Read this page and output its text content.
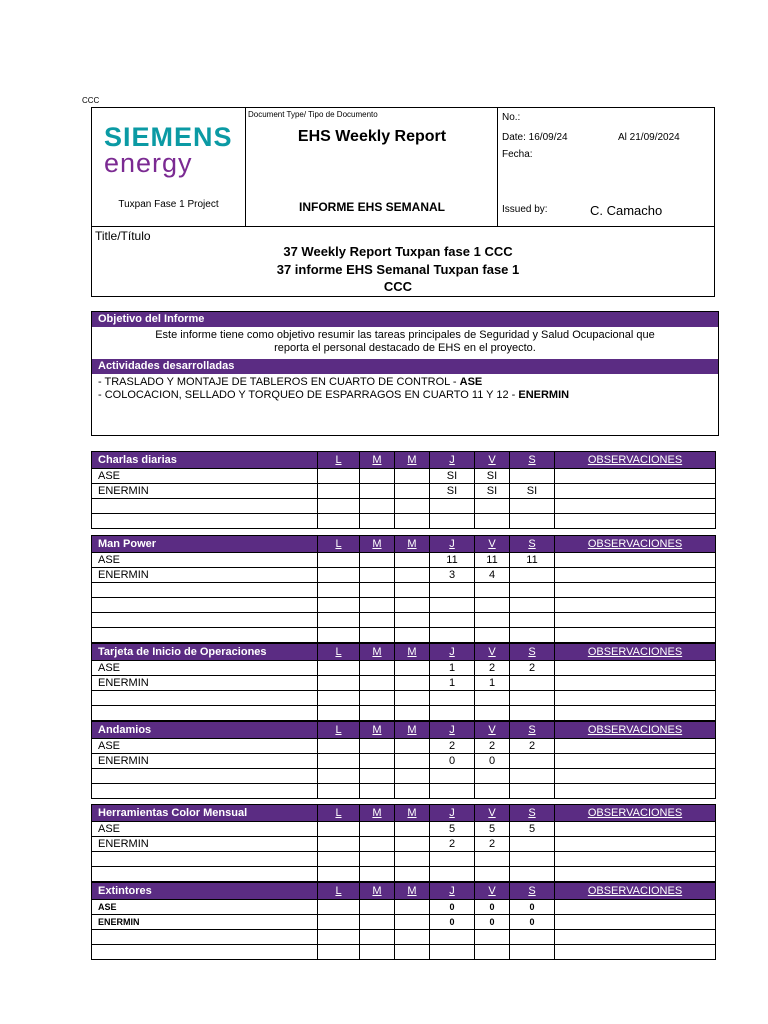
CCC
SIEMENS
energy
Tuxpan Fase 1 Project
Document Type/ Tipo de Documento
EHS Weekly Report
INFORME EHS SEMANAL
No.:
Date: 16/09/24	Al 21/09/2024
Fecha:
Issued by:	C. Camacho
Title/Título
37 Weekly Report Tuxpan fase 1 CCC
37 informe EHS Semanal Tuxpan fase 1
CCC
Objetivo del Informe
Este informe tiene como objetivo resumir las tareas principales de Seguridad y Salud Ocupacional que
reporta el personal destacado de EHS en el proyecto.
Actividades desarrolladas
- TRASLADO Y MONTAJE DE TABLEROS EN CUARTO DE CONTROL - ASE
- COLOCACION, SELLADO Y TORQUEO DE ESPARRAGOS EN CUARTO 11 Y 12 - ENERMIN
Charlas diarias	L	M	M	J	V	S	OBSERVACIONES
ASE				SI	SI		
ENERMIN				SI	SI	SI	

Man Power	L	M	M	J	V	S	OBSERVACIONES
ASE				11	11	11	
ENERMIN				3	4		

Tarjeta de Inicio de Operaciones	L	M	M	J	V	S	OBSERVACIONES
ASE				1	2	2	
ENERMIN				1	1		

Andamios	L	M	M	J	V	S	OBSERVACIONES
ASE				2	2	2	
ENERMIN				0	0		

Herramientas Color Mensual	L	M	M	J	V	S	OBSERVACIONES
ASE				5	5	5	
ENERMIN				2	2		

Extintores	L	M	M	J	V	S	OBSERVACIONES
ASE				0	0	0	
ENERMIN				0	0	0	
